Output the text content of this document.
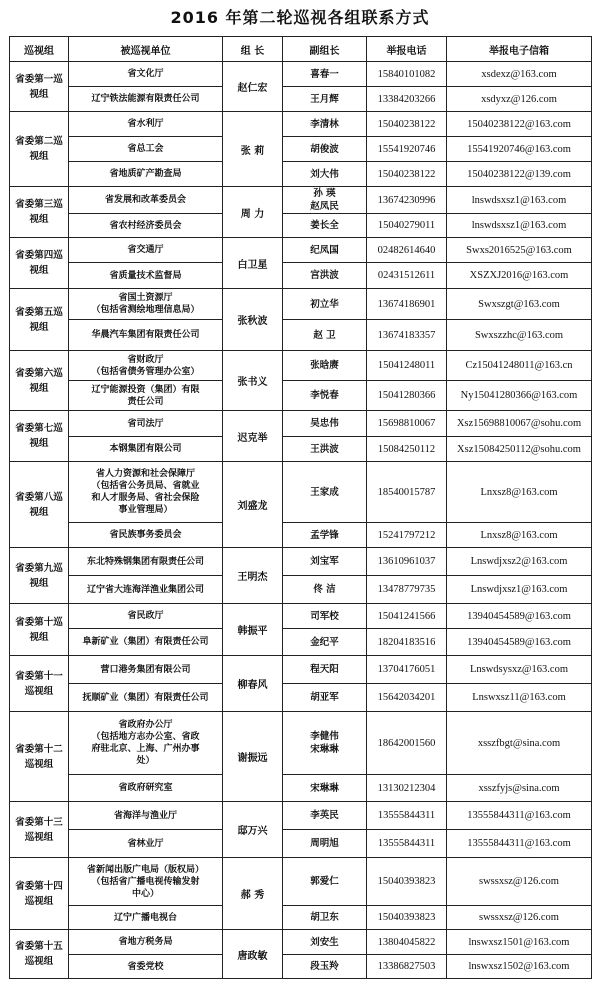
2016 年第二轮巡视各组联系方式
巡视组	被巡视单位	组 长	副组长	举报电话	举报电子信箱
省委第一巡视组	省文化厅	赵仁宏	喜春一	15840101082	xsdexz@163.com
	辽宁铁法能源有限责任公司		王月辉	13384203266	xsdyxz@126.com
省委第二巡视组	省水利厅	张 莉	李清林	15040238122	15040238122@163.com
	省总工会		胡俊波	15541920746	15541920746@163.com
	省地质矿产勘查局		刘大伟	15040238122	15040238122@139.com
省委第三巡视组	省发展和改革委员会	周 力	孙 瑛
赵凤民	13674230996	lnswdsxsz1@163.com
	省农村经济委员会		姜长全	15040279011	lnswdsxsz1@163.com
省委第四巡视组	省交通厅	白卫星	纪凤国	02482614640	Swxs2016525@163.com
	省质量技术监督局		宫洪波	02431512611	XSZXJ2016@163.com
省委第五巡视组	省国土资源厅
（包括省测绘地理信息局）	张秋波	初立华	13674186901	Swxszgt@163.com
	华晨汽车集团有限责任公司		赵 卫	13674183357	Swxszzhc@163.com
省委第六巡视组	省财政厅
（包括省债务管理办公室）	张书义	张晗赓	15041248011	Cz15041248011@163.cn
	辽宁能源投资（集团）有限
责任公司		李悦春	15041280366	Ny15041280366@163.com
省委第七巡视组	省司法厅	迟克举	吴忠伟	15698810067	Xsz15698810067@sohu.com
	本钢集团有限公司		王洪波	15084250112	Xsz15084250112@sohu.com
省委第八巡视组	省人力资源和社会保障厅
（包括省公务员局、省就业
和人才服务局、省社会保险
事业管理局）	刘盛龙	王家成	18540015787	Lnxsz8@163.com
	省民族事务委员会		孟学锋	15241797212	Lnxsz8@163.com
省委第九巡视组	东北特殊钢集团有限责任公司	王明杰	刘宝军	13610961037	Lnswdjxsz2@163.com
	辽宁省大连海洋渔业集团公司		佟 洁	13478779735	Lnswdjxsz1@163.com
省委第十巡视组	省民政厅	韩振平	司军校	15041241566	13940454589@163.com
	阜新矿业（集团）有限责任公司		金纪平	18204183516	13940454589@163.com
省委第十一巡视组	营口港务集团有限公司	柳春风	程天阳	13704176051	Lnswdsysxz@163.com
	抚顺矿业（集团）有限责任公司		胡亚军	15642034201	Lnswxsz11@163.com
省委第十二巡视组	省政府办公厅
（包括地方志办公室、省政
府驻北京、上海、广州办事
处）	谢振远	李健伟
宋琳琳	18642001560	xsszfbgt@sina.com
	省政府研究室		宋琳琳	13130212304	xsszfyjs@sina.com
省委第十三巡视组	省海洋与渔业厅	邸万兴	李英民	13555844311	13555844311@163.com
	省林业厅		周明旭	13555844311	13555844311@163.com
省委第十四巡视组	省新闻出版广电局（版权局）
（包括省广播电视传输发射
中心）	郝 秀	郭爱仁	15040393823	swssxsz@126.com
	辽宁广播电视台		胡卫东	15040393823	swssxsz@126.com
省委第十五巡视组	省地方税务局	唐政敏	刘安生	13804045822	lnswxsz1501@163.com
	省委党校		段玉羚	13386827503	lnswxsz1502@163.com
